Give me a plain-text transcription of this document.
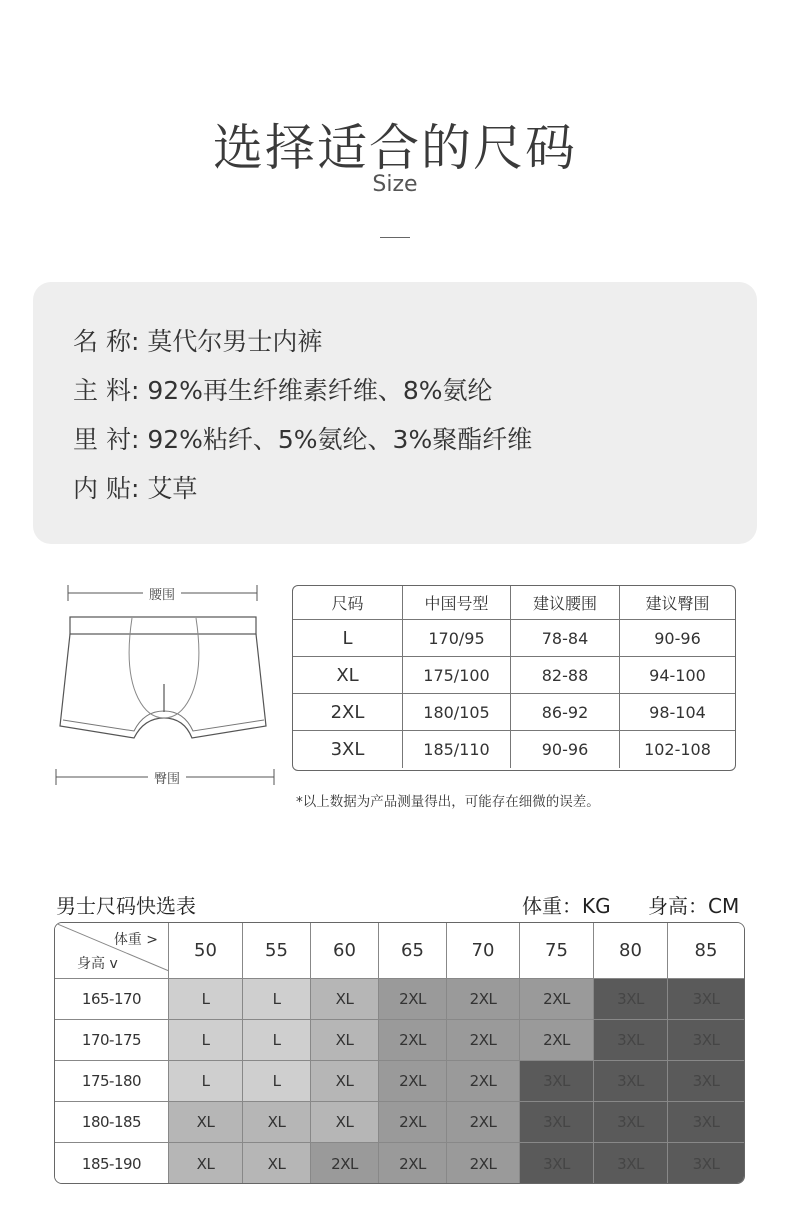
选择适合的尺码
Size
名 称: 莫代尔男士内裤
主 料: 92%再生纤维素纤维、8%氨纶
里 衬: 92%粘纤、5%氨纶、3%聚酯纤维
内 贴: 艾草
腰围
臀围
尺码	中国号型	建议腰围	建议臀围
L	170/95	78-84	90-96
XL	175/100	82-88	94-100
2XL	180/105	86-92	98-104
3XL	185/110	90-96	102-108
*以上数据为产品测量得出，可能存在细微的误差。
男士尺码快选表	体重：KG 身高：CM
体重 >
身高 v
50	55	60	65	70	75	80	85
165-170	L	L	XL	2XL	2XL	2XL	3XL	3XL
170-175	L	L	XL	2XL	2XL	2XL	3XL	3XL
175-180	L	L	XL	2XL	2XL	3XL	3XL	3XL
180-185	XL	XL	XL	2XL	2XL	3XL	3XL	3XL
185-190	XL	XL	2XL	2XL	2XL	3XL	3XL	3XL
